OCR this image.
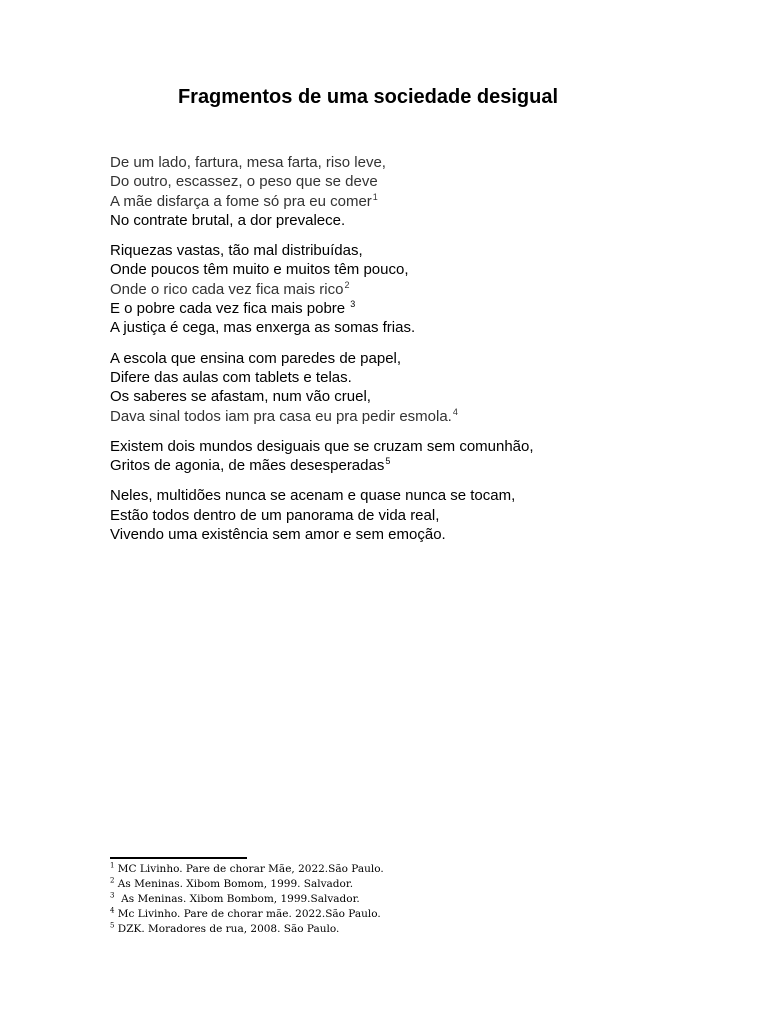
Fragmentos de uma sociedade desigual
De um lado, fartura, mesa farta, riso leve,
Do outro, escassez, o peso que se deve
A mãe disfarça a fome só pra eu comer$^1$
No contrate brutal, a dor prevalece.
Riquezas vastas, tão mal distribuídas,
Onde poucos têm muito e muitos têm pouco,
Onde o rico cada vez fica mais rico$^2$
E o pobre cada vez fica mais pobre $^3$
A justiça é cega, mas enxerga as somas frias.
A escola que ensina com paredes de papel,
Difere das aulas com tablets e telas.
Os saberes se afastam, num vão cruel,
Dava sinal todos iam pra casa eu pra pedir esmola.$^4$
Existem dois mundos desiguais que se cruzam sem comunhão,
Gritos de agonia, de mães desesperadas$^5$
Neles, multidões nunca se acenam e quase nunca se tocam,
Estão todos dentro de um panorama de vida real,
Vivendo uma existência sem amor e sem emoção.
$^1$ MC Livinho. Pare de chorar Mãe, 2022.São Paulo.
$^2$ As Meninas. Xibom Bomom, 1999. Salvador.
$^3$  As Meninas. Xibom Bombom, 1999.Salvador.
$^4$ Mc Livinho. Pare de chorar mãe. 2022.São Paulo.
$^5$ DZK. Moradores de rua, 2008. São Paulo.
